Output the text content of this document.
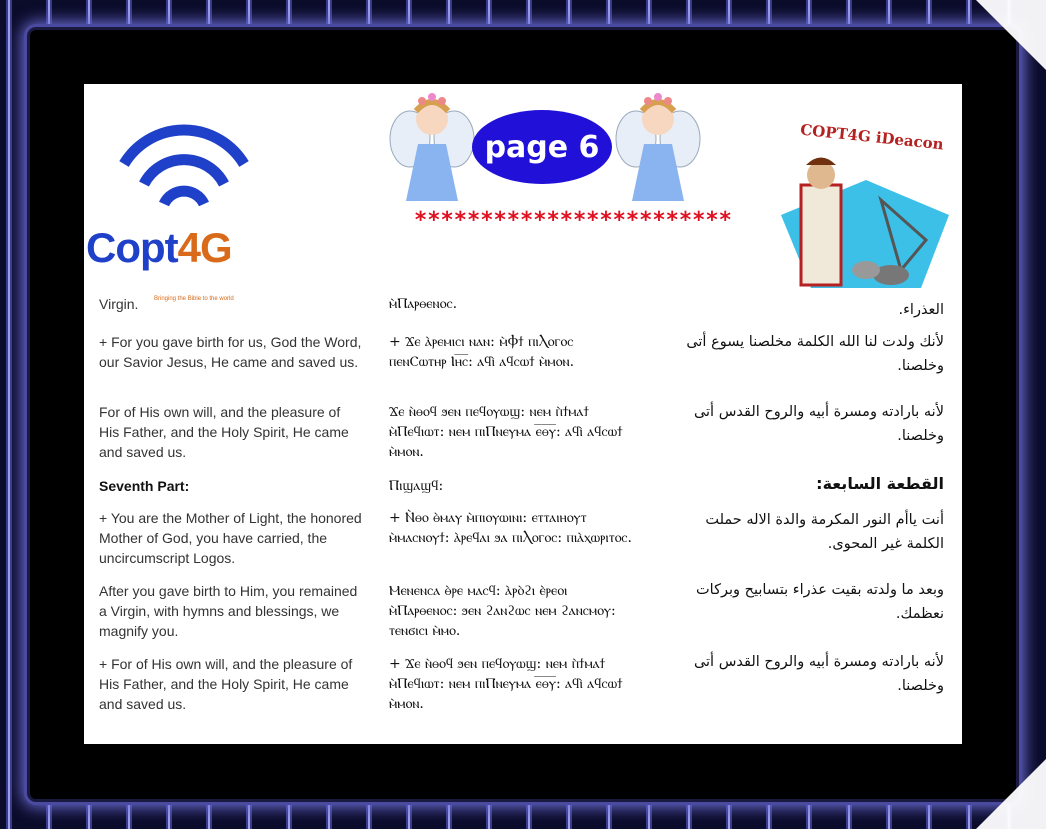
Copt4G
Bringing the Bible to the world
page 6
************************
COPT4G iDeacon

Virgin.

+ For you gave birth for us, God the Word, our Savior Jesus, He came and saved us.

For of His own will, and the pleasure of His Father, and the Holy Spirit, He came and saved us.

Seventh Part:

+ You are the Mother of Light, the honored Mother of God, you have carried, the uncircumscript Logos.

After you gave birth to Him, you remained a Virgin, with hymns and blessings, we magnify you.

+ For of His own will, and the pleasure of His Father, and the Holy Spirit, He came and saved us.

ⲙ̀Ⲡⲁⲣⲑⲉⲛⲟⲥ.

+ Ϫⲉ ⲁ̀ⲣⲉⲙⲓⲥⲓ ⲛⲁⲛ: ⲙ̀Ⲫϯ ⲡⲓⲖⲟⲅⲟⲥ ⲡⲉⲛⲤⲱⲧⲏⲣ Ⲓⲏ̅ⲥ̅: ⲁϥⲓ̀ ⲁϥⲥⲱϯ ⲙ̀ⲙⲟⲛ.

Ϫⲉ ⲛ̀ⲑⲟϥ ϧⲉⲛ ⲡⲉϥⲟⲩⲱϣ: ⲛⲉⲙ ⲡ̀ϯⲙⲁϯ ⲙ̀Ⲡⲉϥⲓⲱⲧ: ⲛⲉⲙ ⲡⲓⲠⲛⲉⲩⲙⲁ ⲉ̅ⲑ̅ⲩ̅: ⲁϥⲓ̀ ⲁϥⲥⲱϯ ⲙ̀ⲙⲟⲛ.

Ⲡⲓϣⲁϣϥ:

+ Ⲛ̀ⲑⲟ ⲑ̀ⲙⲁⲩ ⲙ̀ⲡⲓⲟⲩⲱⲓⲛⲓ: ⲉⲧⲧⲁⲓⲏⲟⲩⲧ ⲙ̀ⲙⲁⲥⲛⲟⲩϯ: ⲁ̀ⲣⲉϥⲁⲓ ϧⲁ ⲡⲓⲖⲟⲅⲟⲥ: ⲡⲓⲁ̀ⲭⲱⲣⲓⲧⲟⲥ.

Ⲙⲉⲛⲉⲛⲥⲁ ⲑ̀ⲣⲉ ⲙⲁⲥϥ: ⲁ̀ⲣⲟ̀ϩⲓ ⲉ̀ⲣⲉⲟⲓ ⲙ̀Ⲡⲁⲣⲑⲉⲛⲟⲥ: ϧⲉⲛ ϩⲁⲛϩⲱⲥ ⲛⲉⲙ ϩⲁⲛⲥⲙⲟⲩ: ⲧⲉⲛϭⲓⲥⲓ ⲙ̀ⲙⲟ.

+ Ϫⲉ ⲛ̀ⲑⲟϥ ϧⲉⲛ ⲡⲉϥⲟⲩⲱϣ: ⲛⲉⲙ ⲡ̀ϯⲙⲁϯ ⲙ̀Ⲡⲉϥⲓⲱⲧ: ⲛⲉⲙ ⲡⲓⲠⲛⲉⲩⲙⲁ ⲉ̅ⲑ̅ⲩ̅: ⲁϥⲓ̀ ⲁϥⲥⲱϯ ⲙ̀ⲙⲟⲛ.

العذراء.

لأنك ولدت لنا الله الكلمة مخلصنا يسوع أتى وخلصنا.

لأنه بارادته ومسرة أبيه والروح القدس أتى وخلصنا.

القطعة السابعة:

أنت ياأم النور المكرمة والدة الاله حملت الكلمة غير المحوى.

وبعد ما ولدته بقيت عذراء بتسابيح وبركات نعظمك.

لأنه بارادته ومسرة أبيه والروح القدس أتى وخلصنا.
